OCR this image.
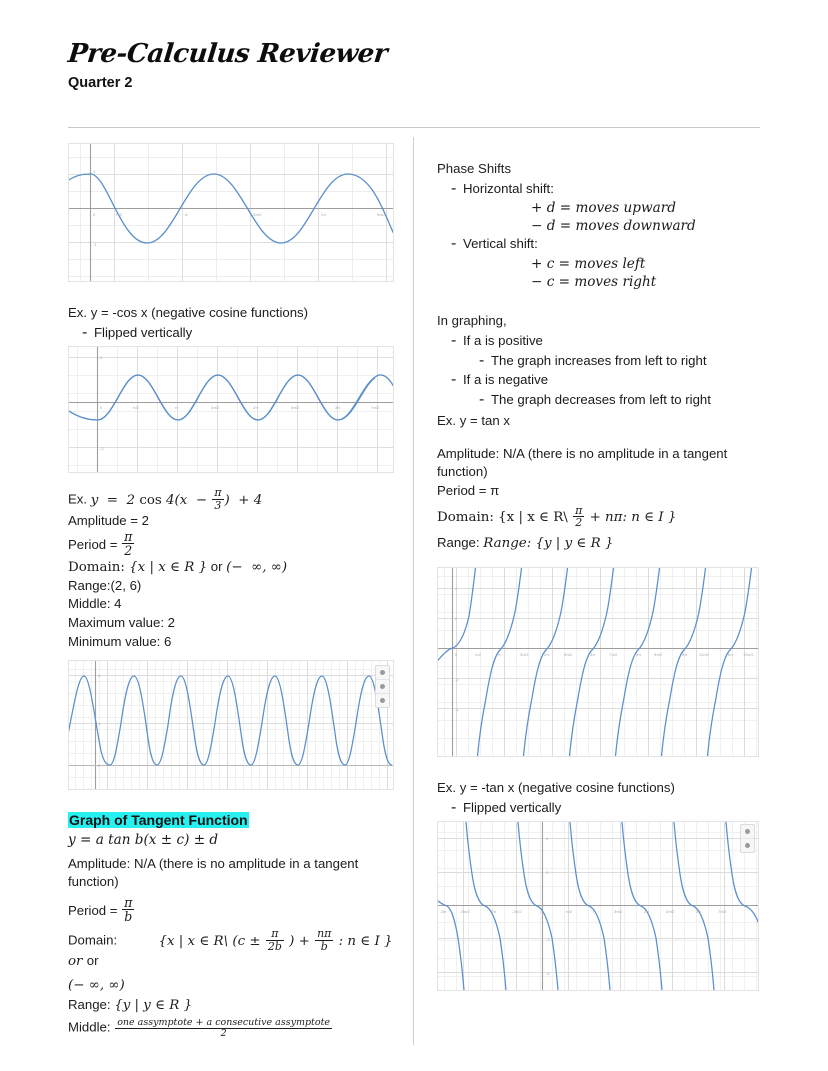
Pre-Calculus Reviewer

Quarter 2

0	π/2	π	3π/2	2π	5π/2
1
-1

Ex. y = -cos x (negative cosine functions)

- Flipped vertically
0	π/2	π	3π/2	2π	5π/2	3π	7π/2
2
-2

Ex. y  =  2 $\cos 4(x - \frac{\pi}{3}$ )  + 4

Amplitude = 2

Period = $\frac{\pi}{2}$

Domain: {x | x ∈ R } or (−  ∞, ∞)

Range:(2, 6)

Middle: 4

Maximum value: 2

Minimum value: 6

6
4
2

Graph of Tangent Function

y = a tan b(x ± c) ± d

Amplitude: N/A (there is no amplitude in a tangent function)

Period = $\frac{\pi}{b}$

Domain:	{x | x ∈ R\ ($c \pm \frac{\pi}{2b}$ ) + $\frac{n\pi}{b}$ : n ∈ I } or or

(− ∞, ∞)

Range: {y | y ∈ R }

Middle: $\frac{\text{one assymptote + a consecutive assymptote}}{2}$

Phase Shifts

- Horizontal shift:

+ d = moves upward

− d = moves downward

- Vertical shift:

+ c = moves left

− c = moves right

In graphing,

- If a is positive
- The graph increases from left to right
- If a is negative
- The graph decreases from left to right

Ex. y = tan x

Amplitude: N/A (there is no amplitude in a tangent function)

Period = π

Domain: {x | x ∈ R\ $\frac{\pi}{2} + n\pi$: n ∈ I }

Range: Range: {y | y ∈ R }

0	π/2	π	3π/2	2π	5π/2	3π	7π/2	4π	9π/2	5π	11π/2	6π	13π/2
4
2
-2
-4

Ex. y = -tan x (negative cosine functions)

- Flipped vertically
-3π	-5π/2	-2π	-3π/2	0	π/2	π	3π/2	2π	5π/2	3π	7π/2
4
2
-2
-4
